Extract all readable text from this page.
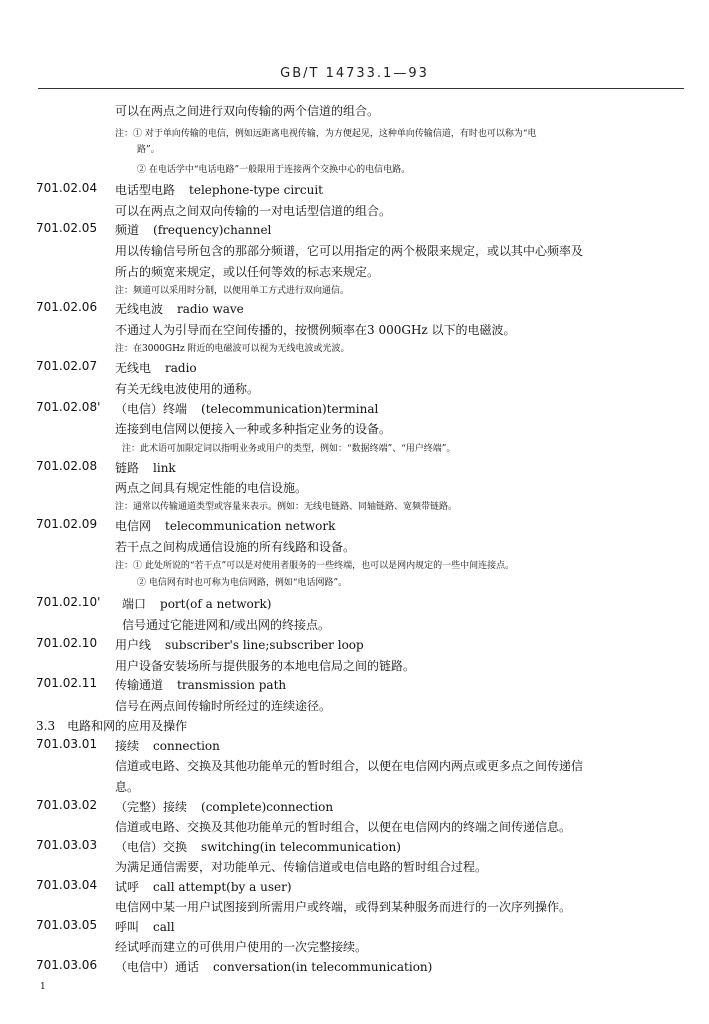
GB/T 14733.1—93
可以在两点之间进行双向传输的两个信道的组合。
注：① 对于单向传输的电信，例如远距离电视传输，为方便起见，这种单向传输信道，有时也可以称为“电
路”。
② 在电话学中“电话电路”一般限用于连接两个交换中心的电信电路。
701.02.04 电话型电路 telephone-type circuit
可以在两点之间双向传输的一对电话型信道的组合。
701.02.05 频道 (frequency)channel
用以传输信号所包含的那部分频谱，它可以用指定的两个极限来规定，或以其中心频率及
所占的频宽来规定，或以任何等效的标志来规定。
注：频道可以采用时分制，以便用单工方式进行双向通信。
701.02.06 无线电波 radio wave
不通过人为引导而在空间传播的，按惯例频率在3 000GHz 以下的电磁波。
注：在3000GHz 附近的电磁波可以视为无线电波或光波。
701.02.07 无线电 radio
有关无线电波使用的通称。
701.02.08' （电信）终端 (telecommunication)terminal
连接到电信网以便接入一种或多种指定业务的设备。
注：此术语可加限定词以指明业务或用户的类型，例如：“数据终端”、“用户终端”。
701.02.08 链路 link
两点之间具有规定性能的电信设施。
注：通常以传输通道类型或容量来表示。例如：无线电链路、同轴链路、宽频带链路。
701.02.09 电信网 telecommunication network
若干点之间构成通信设施的所有线路和设备。
注：① 此处所说的“若干点”可以是对使用者服务的一些终端，也可以是网内规定的一些中间连接点。
② 电信网有时也可称为电信网路，例如“电话网路”。
701.02.10' 端口 port(of a network)
信号通过它能进网和/或出网的终接点。
701.02.10 用户线 subscriber's line;subscriber loop
用户设备安装场所与提供服务的本地电信局之间的链路。
701.02.11 传输通道 transmission path
信号在两点间传输时所经过的连续途径。
3.3　电路和网的应用及操作
701.03.01 接续 connection
信道或电路、交换及其他功能单元的暂时组合，以便在电信网内两点或更多点之间传递信
息。
701.03.02 （完整）接续 (complete)connection
信道或电路、交换及其他功能单元的暂时组合，以便在电信网内的终端之间传递信息。
701.03.03 （电信）交换 switching(in telecommunication)
为满足通信需要，对功能单元、传输信道或电信电路的暂时组合过程。
701.03.04 试呼 call attempt(by a user)
电信网中某一用户试图接到所需用户或终端，或得到某种服务而进行的一次序列操作。
701.03.05 呼叫 call
经试呼而建立的可供用户使用的一次完整接续。
701.03.06 （电信中）通话 conversation(in telecommunication)
1
